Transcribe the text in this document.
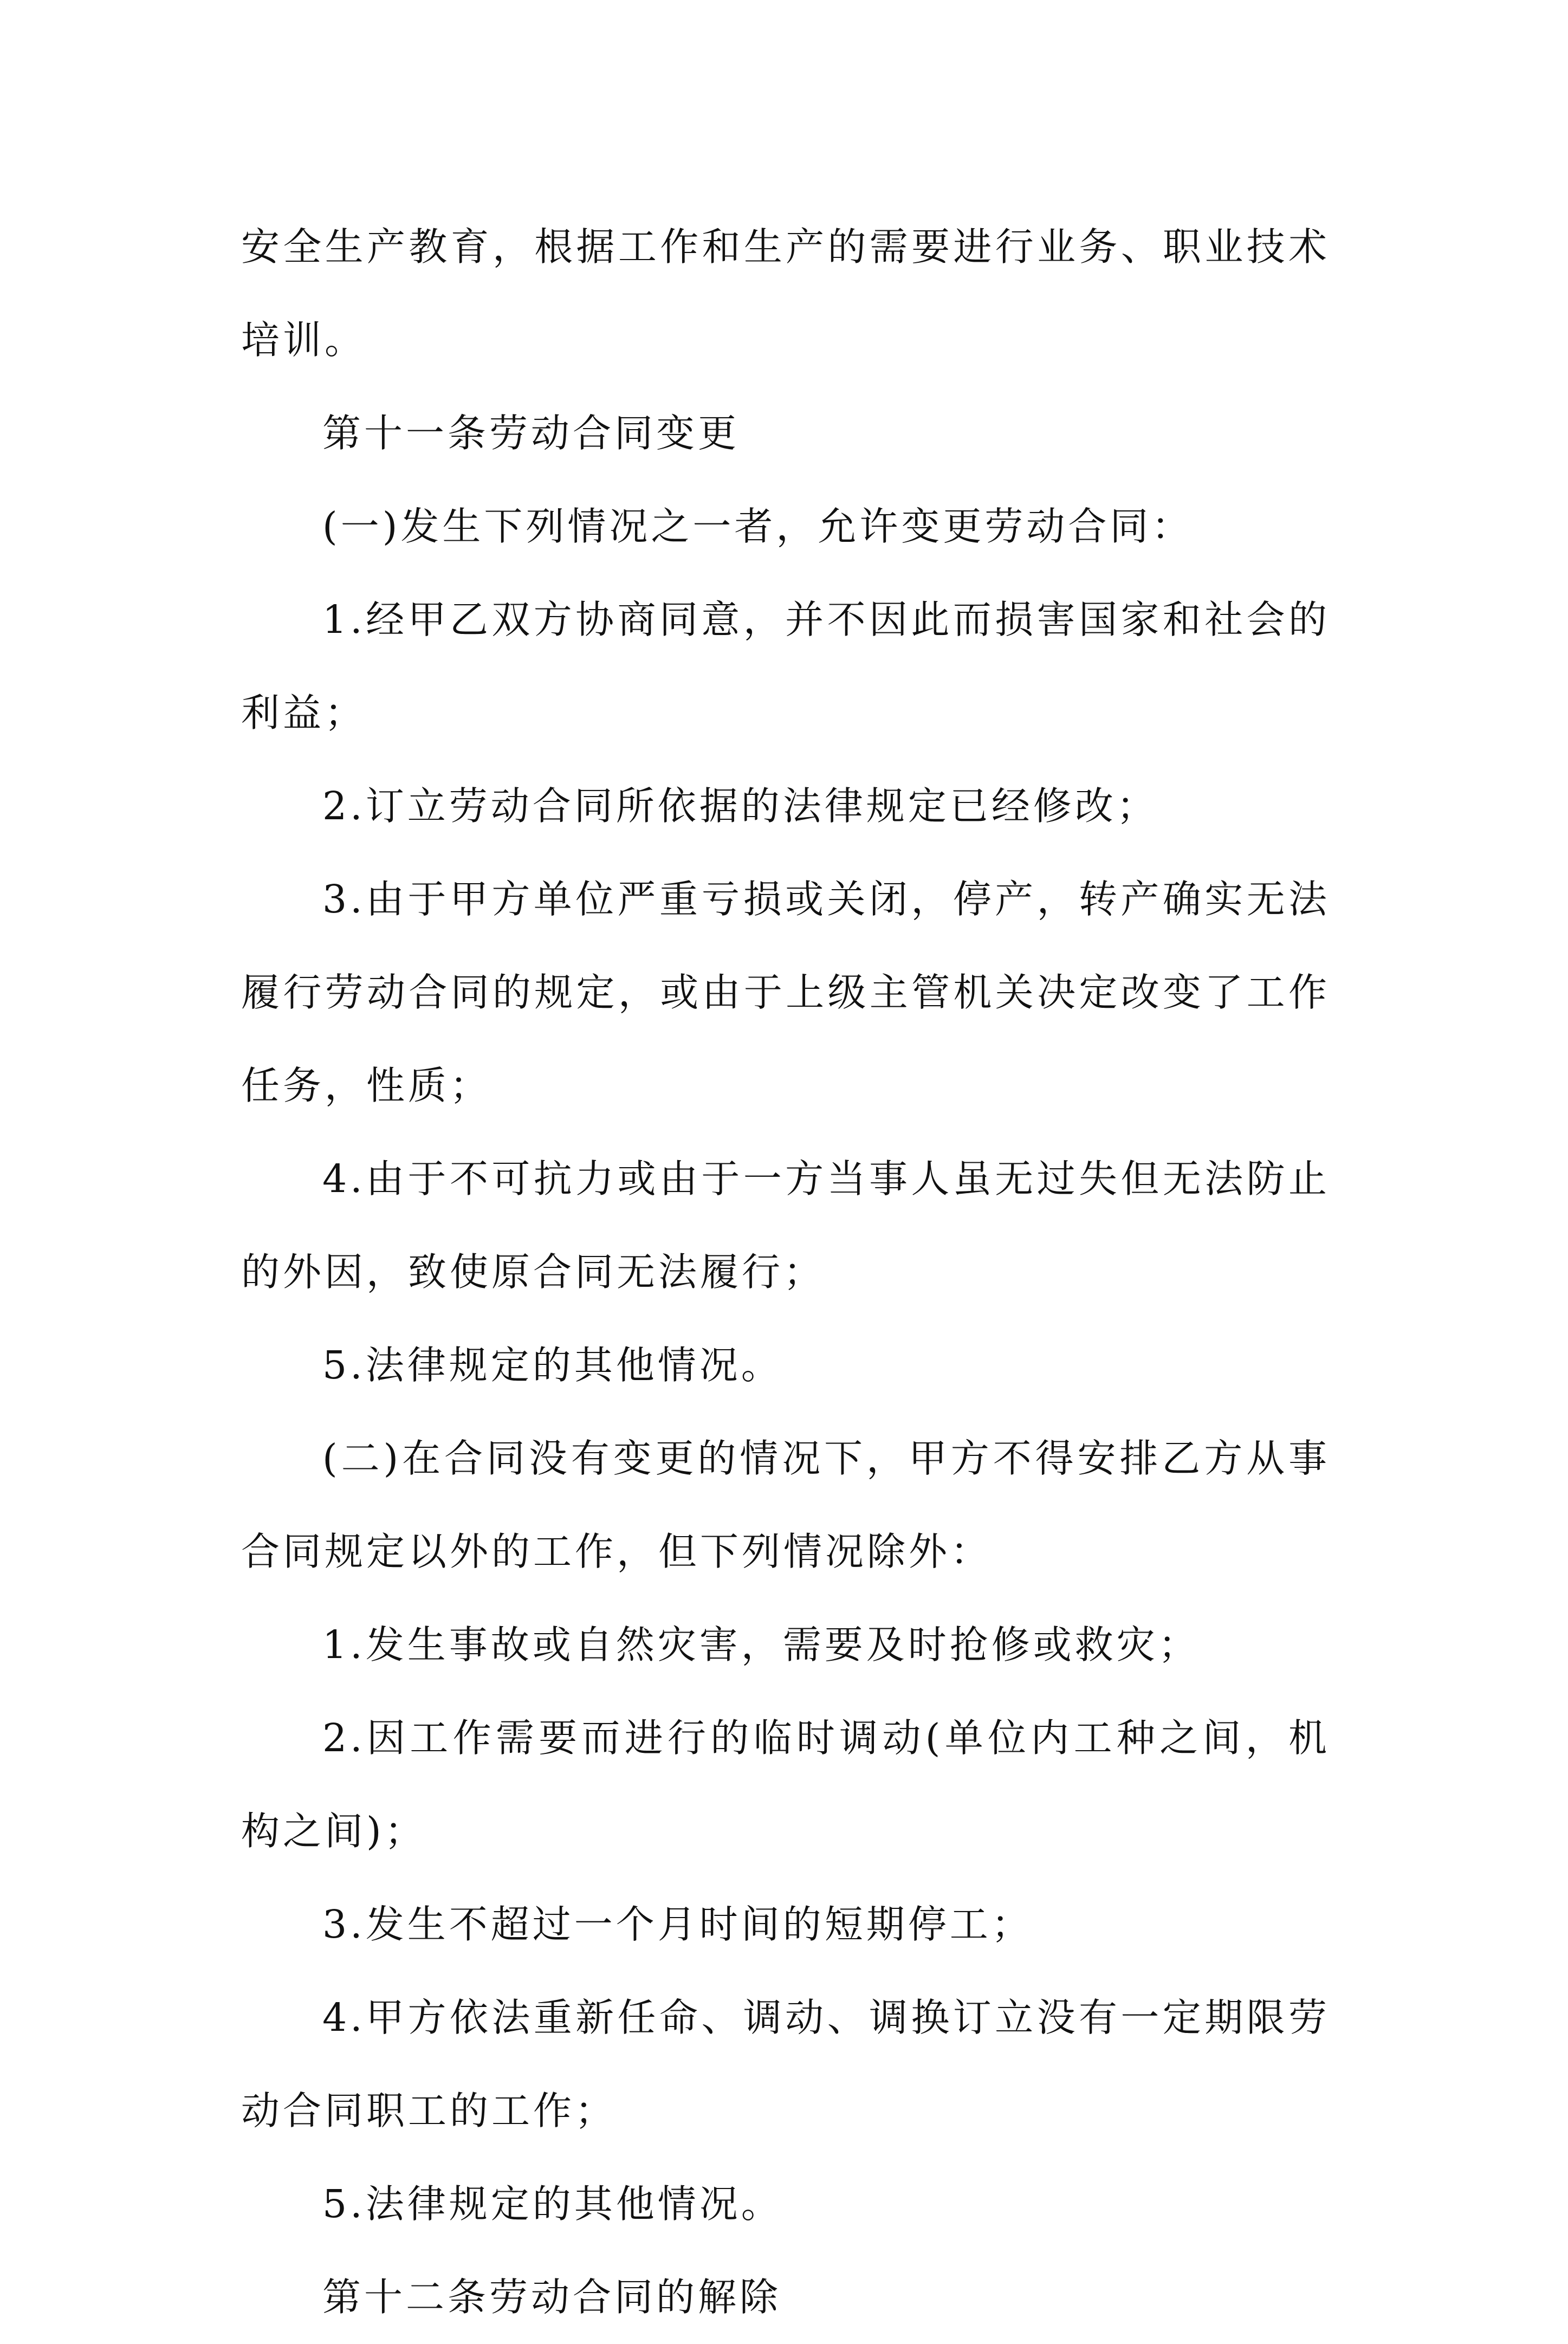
安全生产教育，根据工作和生产的需要进行业务、职业技术培训。

第十一条劳动合同变更

(一)发生下列情况之一者，允许变更劳动合同：

1.经甲乙双方协商同意，并不因此而损害国家和社会的利益；

2.订立劳动合同所依据的法律规定已经修改；

3.由于甲方单位严重亏损或关闭，停产，转产确实无法履行劳动合同的规定，或由于上级主管机关决定改变了工作任务，性质；

4.由于不可抗力或由于一方当事人虽无过失但无法防止的外因，致使原合同无法履行；

5.法律规定的其他情况。

(二)在合同没有变更的情况下，甲方不得安排乙方从事合同规定以外的工作，但下列情况除外：

1.发生事故或自然灾害，需要及时抢修或救灾；

2.因工作需要而进行的临时调动(单位内工种之间，机构之间)；

3.发生不超过一个月时间的短期停工；

4.甲方依法重新任命、调动、调换订立没有一定期限劳动合同职工的工作；

5.法律规定的其他情况。

第十二条劳动合同的解除
